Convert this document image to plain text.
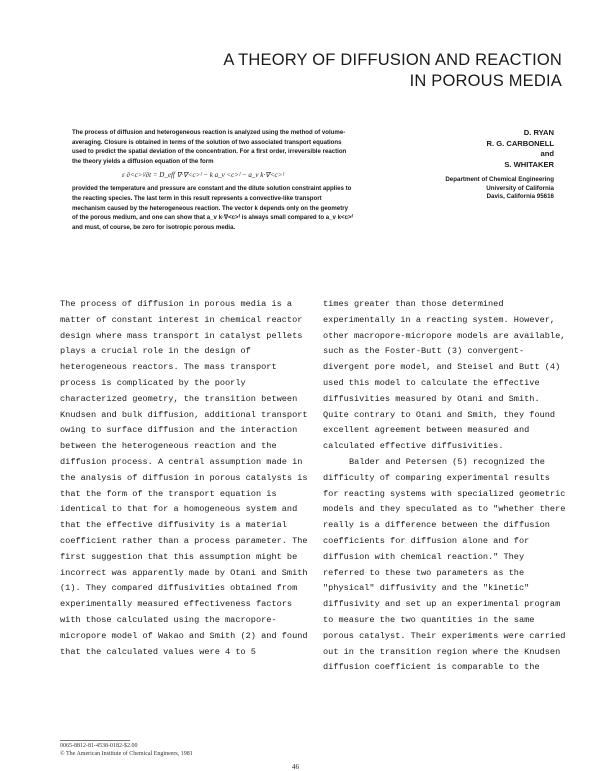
A THEORY OF DIFFUSION AND REACTION
IN POROUS MEDIA

The process of diffusion and heterogeneous reaction is analyzed using the method of volume-averaging. Closure is obtained in terms of the solution of two associated transport equations used to predict the spatial deviation of the concentration. For a first order, irreversible reaction the theory yields a diffusion equation of the form

ε ∂<c>ᶠ/∂t = D_eff ∇·∇<c>ᶠ − k a_v <c>ᶠ − a_v k·∇<c>ᶠ

provided the temperature and pressure are constant and the dilute solution constraint applies to the reacting species. The last term in this result represents a convective-like transport mechanism caused by the heterogeneous reaction. The vector k depends only on the geometry of the porous medium, and one can show that a_v k·∇<c>ᶠ is always small compared to a_v k<c>ᶠ and must, of course, be zero for isotropic porous media.

D. RYAN
R. G. CARBONELL
and
S. WHITAKER
Department of Chemical Engineering
University of California
Davis, California 95616

The process of diffusion in porous media is a matter of constant interest in chemical reactor design where mass transport in catalyst pellets plays a crucial role in the design of heterogeneous reactors. The mass transport process is complicated by the poorly characterized geometry, the transition between Knudsen and bulk diffusion, additional transport owing to surface diffusion and the interaction between the heterogeneous reaction and the diffusion process. A central assumption made in the analysis of diffusion in porous catalysts is that the form of the transport equation is identical to that for a homogeneous system and that the effective diffusivity is a material coefficient rather than a process parameter. The first suggestion that this assumption might be incorrect was apparently made by Otani and Smith (1). They compared diffusivities obtained from experimentally measured effectiveness factors with those calculated using the macropore-micropore model of Wakao and Smith (2) and found that the calculated values were 4 to 5

times greater than those determined experimentally in a reacting system. However, other macropore-micropore models are available, such as the Foster-Butt (3) convergent-divergent pore model, and Steisel and Butt (4) used this model to calculate the effective diffusivities measured by Otani and Smith. Quite contrary to Otani and Smith, they found excellent agreement between measured and calculated effective diffusivities.

Balder and Petersen (5) recognized the difficulty of comparing experimental results for reacting systems with specialized geometric models and they speculated as to "whether there really is a difference between the diffusion coefficients for diffusion alone and for diffusion with chemical reaction." They referred to these two parameters as the "physical" diffusivity and the "kinetic" diffusivity and set up an experimental program to measure the two quantities in the same porous catalyst. Their experiments were carried out in the transition region where the Knudsen diffusion coefficient is comparable to the

0065-8812-81-4538-0182-$2.00
© The American Institute of Chemical Engineers, 1981
46
